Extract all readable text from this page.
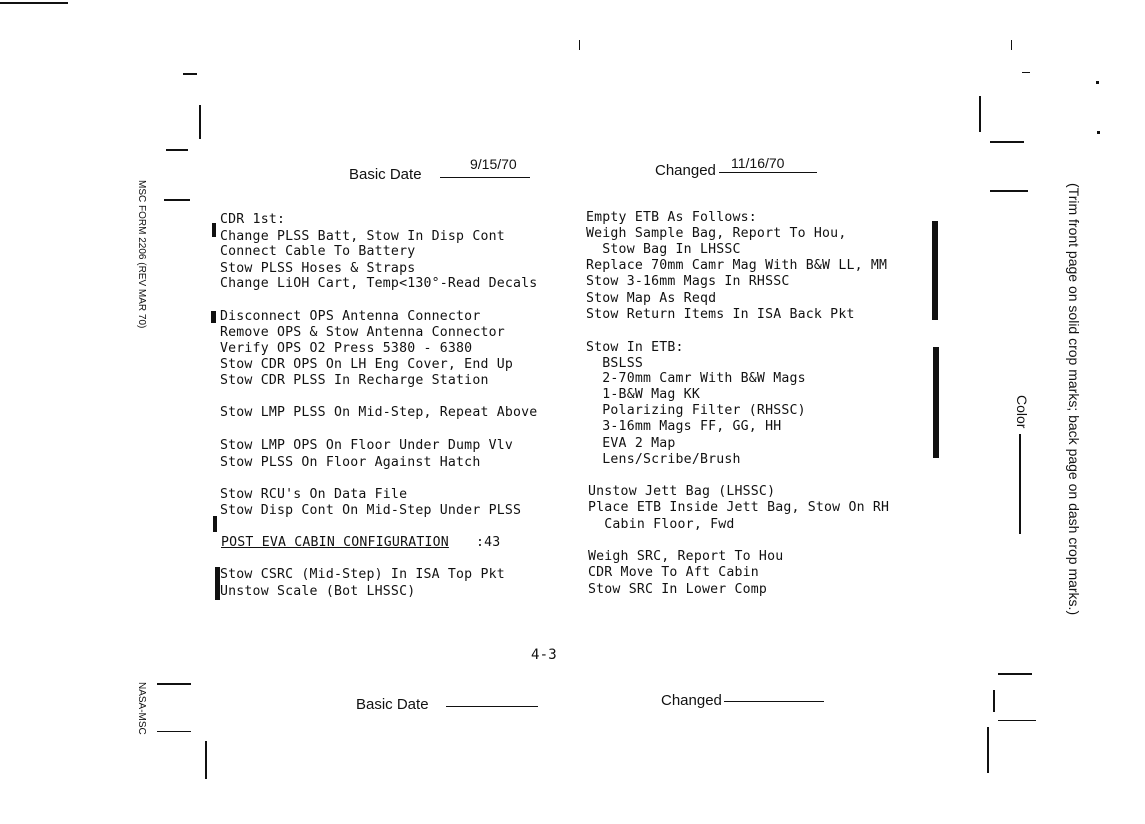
MSC FORM 2206 (REV MAR 70)
NASA-MSC
Color	(Trim front page on solid crop marks; back page on dash crop marks.)
Basic Date
9/15/70	Changed 11/16/70
CDR 1st:
Change PLSS Batt, Stow In Disp Cont
Connect Cable To Battery
Stow PLSS Hoses & Straps
Change LiOH Cart, Temp<130°-Read Decals
Disconnect OPS Antenna Connector
Remove OPS & Stow Antenna Connector
Verify OPS O2 Press 5380 - 6380
Stow CDR OPS On LH Eng Cover, End Up
Stow CDR PLSS In Recharge Station
Stow LMP PLSS On Mid-Step, Repeat Above
Stow LMP OPS On Floor Under Dump Vlv
Stow PLSS On Floor Against Hatch
Stow RCU's On Data File
Stow Disp Cont On Mid-Step Under PLSS
POST EVA CABIN CONFIGURATION :43
Stow CSRC (Mid-Step) In ISA Top Pkt
Unstow Scale (Bot LHSSC)
Empty ETB As Follows:
Weigh Sample Bag, Report To Hou,
Stow Bag In LHSSC
Replace 70mm Camr Mag With B&W LL, MM
Stow 3-16mm Mags In RHSSC
Stow Map As Reqd
Stow Return Items In ISA Back Pkt
Stow In ETB:
BSLSS
2-70mm Camr With B&W Mags
1-B&W Mag KK
Polarizing Filter (RHSSC)
3-16mm Mags FF, GG, HH
EVA 2 Map
Lens/Scribe/Brush
Unstow Jett Bag (LHSSC)
Place ETB Inside Jett Bag, Stow On RH
Cabin Floor, Fwd
Weigh SRC, Report To Hou
CDR Move To Aft Cabin
Stow SRC In Lower Comp
4-3
Basic Date	Changed
